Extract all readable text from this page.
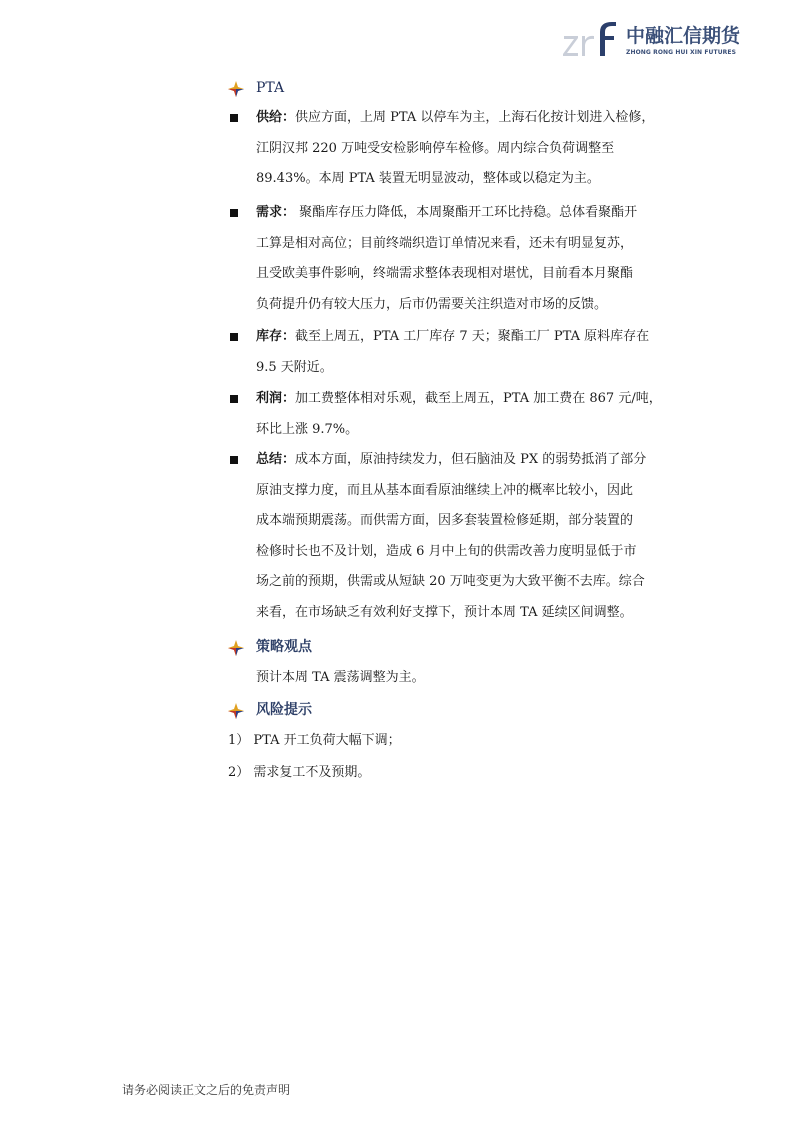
中融汇信期货
ZHONG RONG HUI XIN FUTURES
PTA
供给：供应方面，上周 PTA 以停车为主，上海石化按计划进入检修，
江阴汉邦 220 万吨受安检影响停车检修。周内综合负荷调整至
89.43%。本周 PTA 装置无明显波动，整体或以稳定为主。
需求： 聚酯库存压力降低，本周聚酯开工环比持稳。总体看聚酯开
工算是相对高位；目前终端织造订单情况来看，还未有明显复苏，
且受欧美事件影响，终端需求整体表现相对堪忧，目前看本月聚酯
负荷提升仍有较大压力，后市仍需要关注织造对市场的反馈。
库存：截至上周五，PTA 工厂库存 7 天；聚酯工厂 PTA 原料库存在
9.5 天附近。
利润：加工费整体相对乐观，截至上周五，PTA 加工费在 867 元/吨，
环比上涨 9.7%。
总结：成本方面，原油持续发力，但石脑油及 PX 的弱势抵消了部分
原油支撑力度，而且从基本面看原油继续上冲的概率比较小，因此
成本端预期震荡。而供需方面，因多套装置检修延期，部分装置的
检修时长也不及计划，造成 6 月中上旬的供需改善力度明显低于市
场之前的预期，供需或从短缺 20 万吨变更为大致平衡不去库。综合
来看，在市场缺乏有效利好支撑下，预计本周 TA 延续区间调整。
策略观点
预计本周 TA 震荡调整为主。
风险提示
1） PTA 开工负荷大幅下调；
2） 需求复工不及预期。
请务必阅读正文之后的免责声明
